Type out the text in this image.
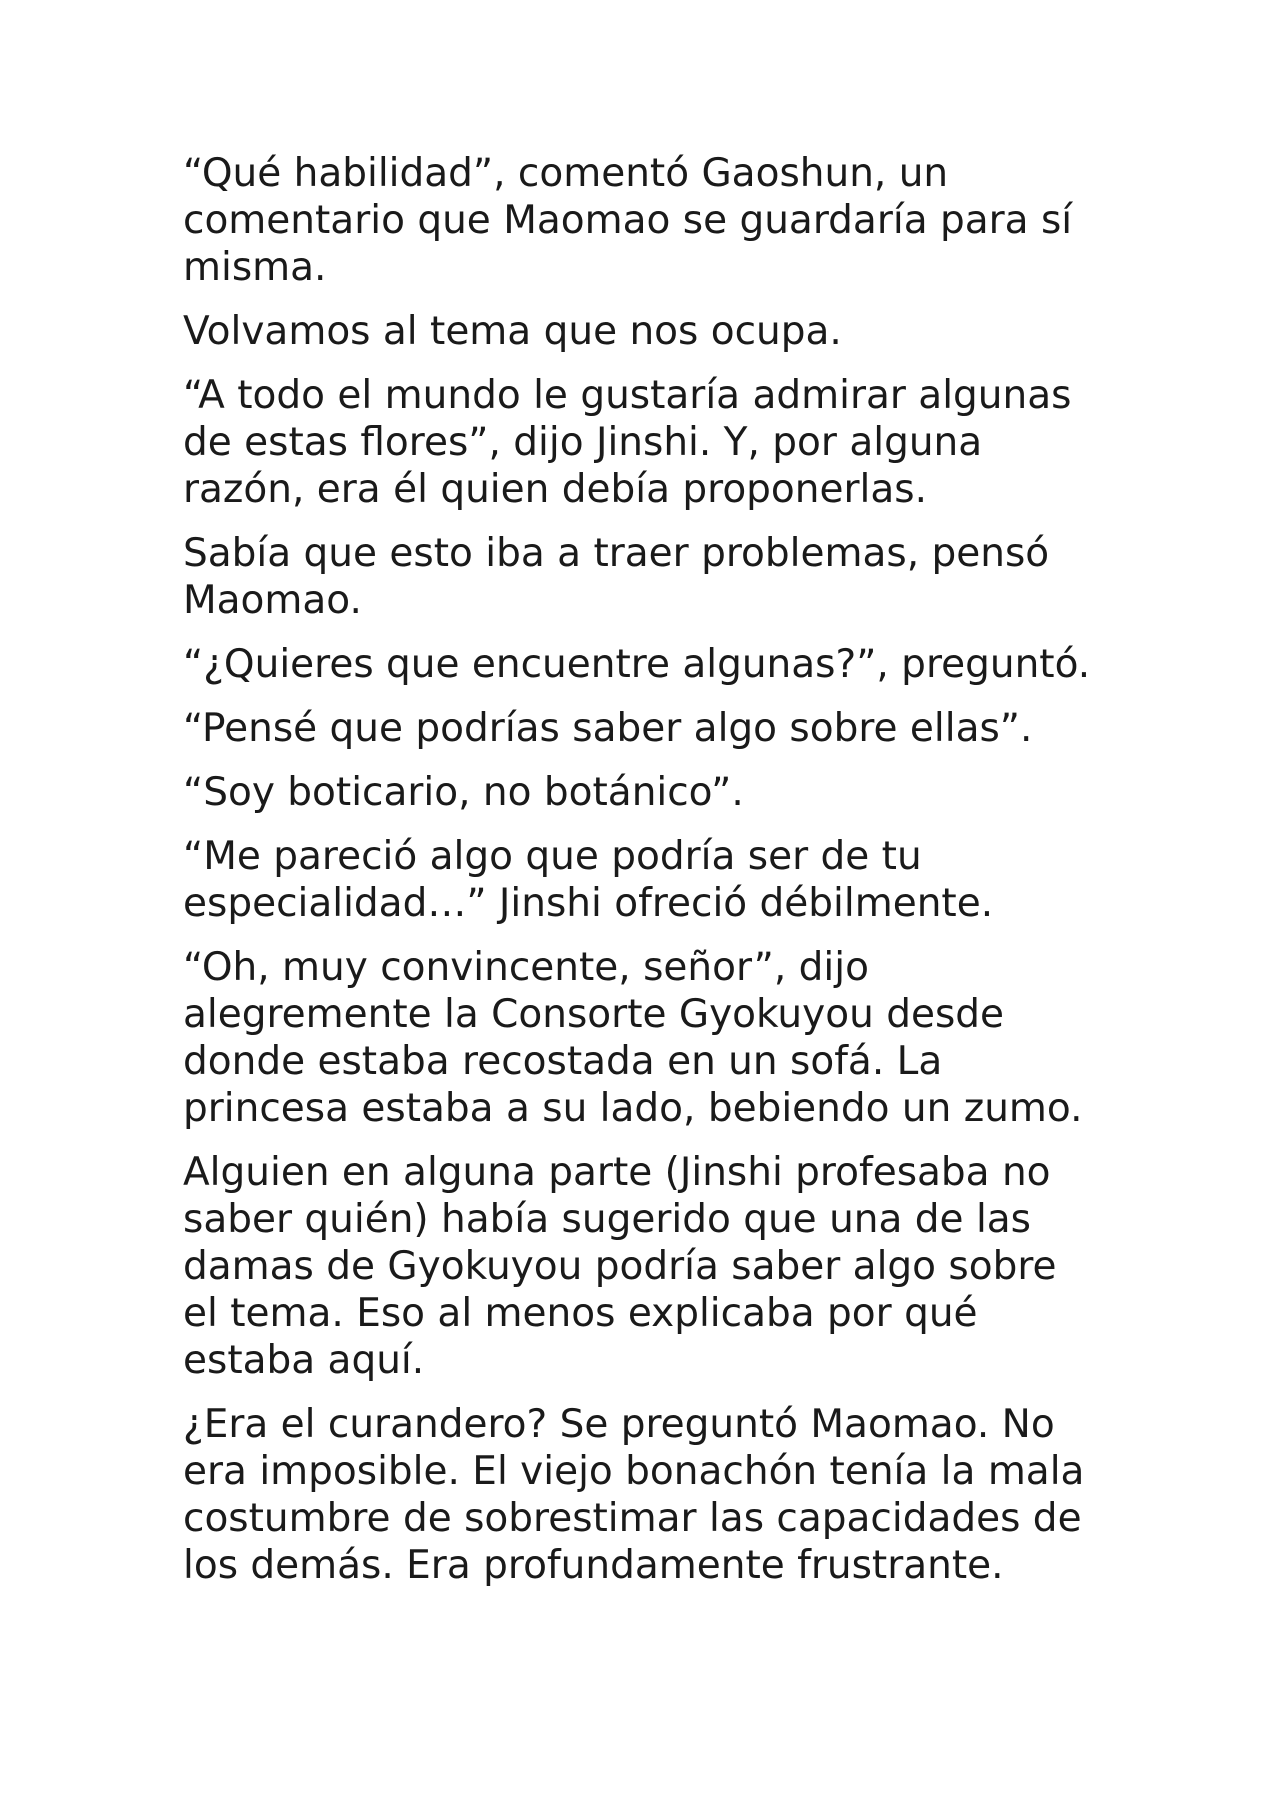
“Qué habilidad”, comentó Gaoshun, un comentario que Maomao se guardaría para sí misma.

Volvamos al tema que nos ocupa.

“A todo el mundo le gustaría admirar algunas de estas flores”, dijo Jinshi. Y, por alguna razón, era él quien debía proponerlas.

Sabía que esto iba a traer problemas, pensó Maomao.

“¿Quieres que encuentre algunas?”, preguntó.

“Pensé que podrías saber algo sobre ellas”.

“Soy boticario, no botánico”.

“Me pareció algo que podría ser de tu especialidad…” Jinshi ofreció débilmente.

“Oh, muy convincente, señor”, dijo alegremente la Consorte Gyokuyou desde donde estaba recostada en un sofá. La princesa estaba a su lado, bebiendo un zumo.

Alguien en alguna parte (Jinshi profesaba no saber quién) había sugerido que una de las damas de Gyokuyou podría saber algo sobre el tema. Eso al menos explicaba por qué estaba aquí.

¿Era el curandero? Se preguntó Maomao. No era imposible. El viejo bonachón tenía la mala costumbre de sobrestimar las capacidades de los demás. Era profundamente frustrante.
